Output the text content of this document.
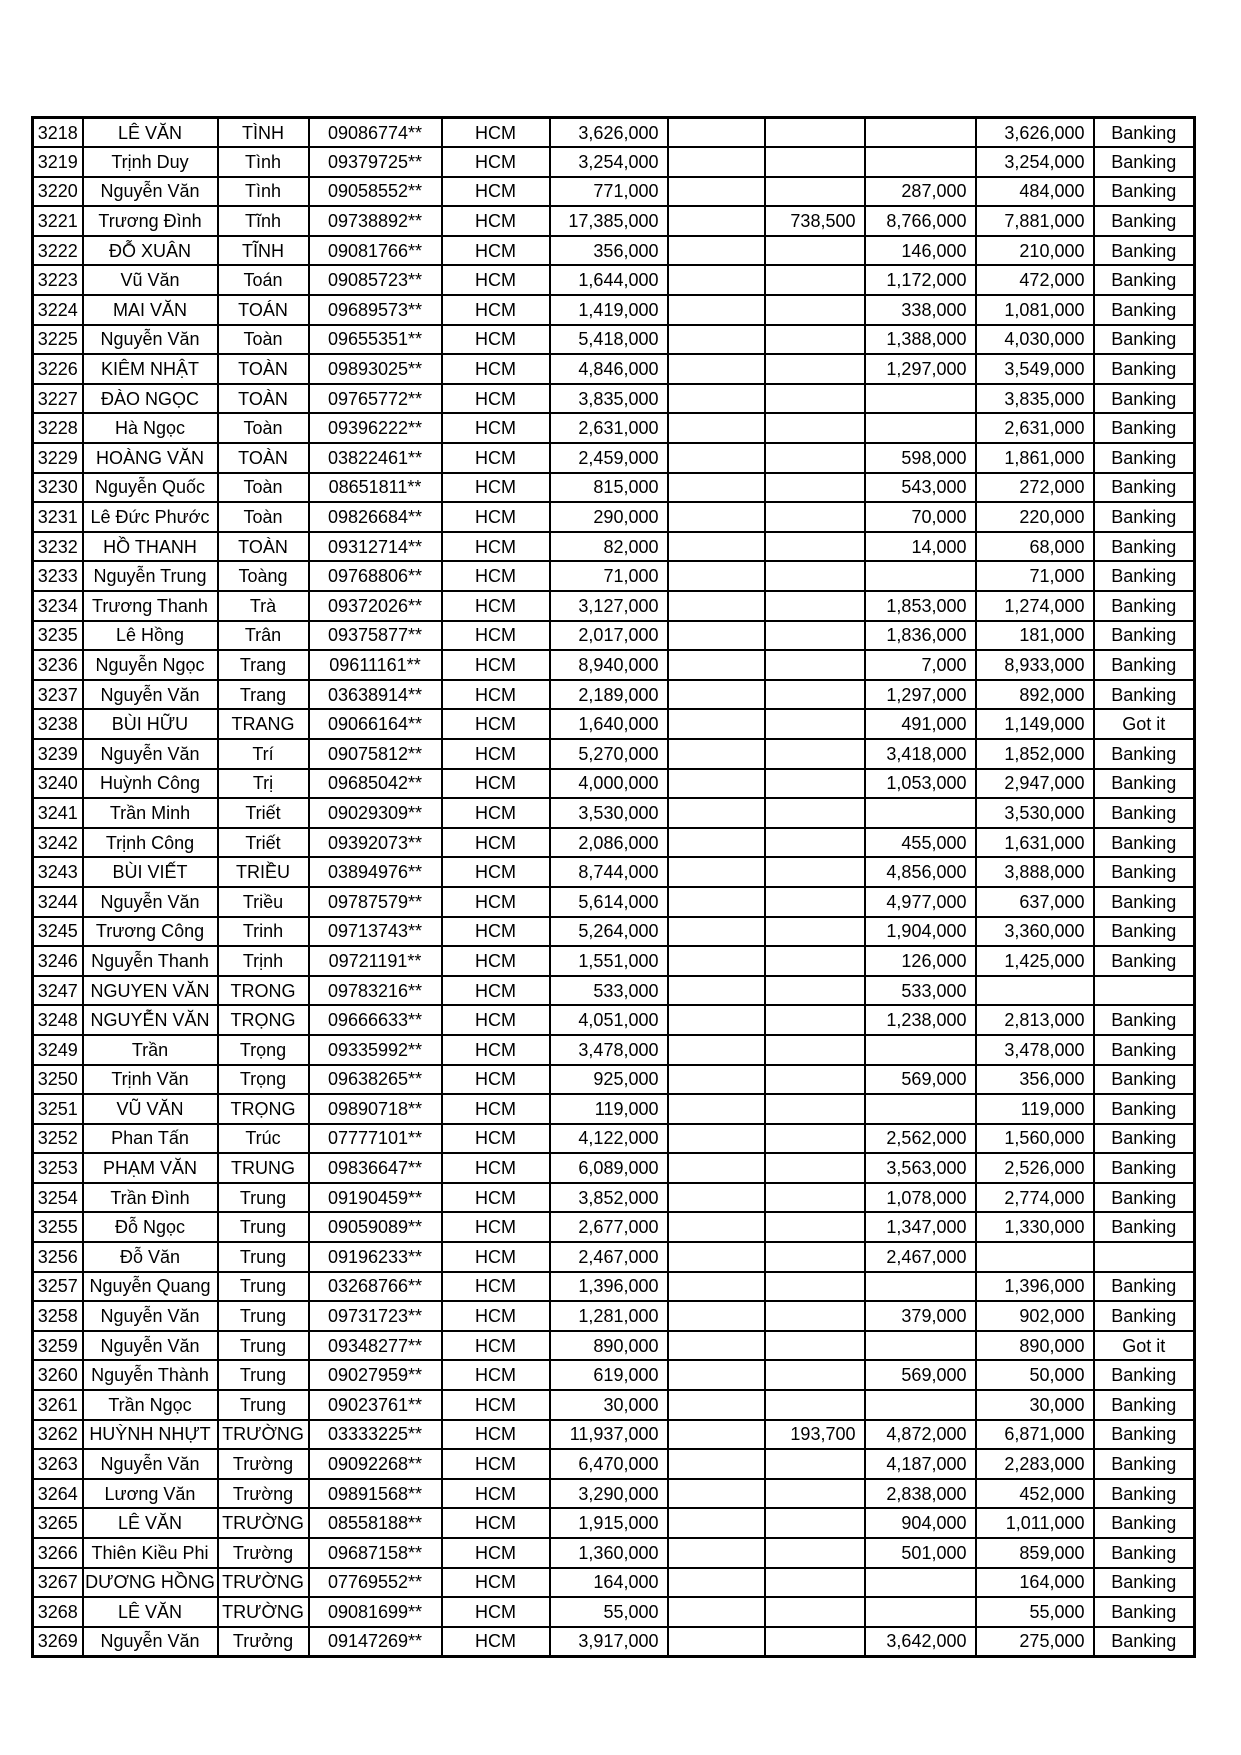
3218	LÊ VĂN	TÌNH	09086774**	HCM	3,626,000				3,626,000	Banking
3219	Trịnh Duy	Tình	09379725**	HCM	3,254,000				3,254,000	Banking
3220	Nguyễn Văn	Tình	09058552**	HCM	771,000			287,000	484,000	Banking
3221	Trương Đình	Tĩnh	09738892**	HCM	17,385,000		738,500	8,766,000	7,881,000	Banking
3222	ĐỖ XUÂN	TĨNH	09081766**	HCM	356,000			146,000	210,000	Banking
3223	Vũ Văn	Toán	09085723**	HCM	1,644,000			1,172,000	472,000	Banking
3224	MAI VĂN	TOÁN	09689573**	HCM	1,419,000			338,000	1,081,000	Banking
3225	Nguyễn Văn	Toàn	09655351**	HCM	5,418,000			1,388,000	4,030,000	Banking
3226	KIÊM NHẬT	TOÀN	09893025**	HCM	4,846,000			1,297,000	3,549,000	Banking
3227	ĐÀO NGỌC	TOÀN	09765772**	HCM	3,835,000				3,835,000	Banking
3228	Hà Ngọc	Toàn	09396222**	HCM	2,631,000				2,631,000	Banking
3229	HOÀNG VĂN	TOÀN	03822461**	HCM	2,459,000			598,000	1,861,000	Banking
3230	Nguyễn Quốc	Toàn	08651811**	HCM	815,000			543,000	272,000	Banking
3231	Lê Đức Phước	Toàn	09826684**	HCM	290,000			70,000	220,000	Banking
3232	HỒ THANH	TOÀN	09312714**	HCM	82,000			14,000	68,000	Banking
3233	Nguyễn Trung	Toàng	09768806**	HCM	71,000				71,000	Banking
3234	Trương Thanh	Trà	09372026**	HCM	3,127,000			1,853,000	1,274,000	Banking
3235	Lê Hồng	Trân	09375877**	HCM	2,017,000			1,836,000	181,000	Banking
3236	Nguyễn Ngọc	Trang	09611161**	HCM	8,940,000			7,000	8,933,000	Banking
3237	Nguyễn Văn	Trang	03638914**	HCM	2,189,000			1,297,000	892,000	Banking
3238	BÙI HỮU	TRANG	09066164**	HCM	1,640,000			491,000	1,149,000	Got it
3239	Nguyễn Văn	Trí	09075812**	HCM	5,270,000			3,418,000	1,852,000	Banking
3240	Huỳnh Công	Trị	09685042**	HCM	4,000,000			1,053,000	2,947,000	Banking
3241	Trần Minh	Triết	09029309**	HCM	3,530,000				3,530,000	Banking
3242	Trịnh Công	Triết	09392073**	HCM	2,086,000			455,000	1,631,000	Banking
3243	BÙI VIẾT	TRIỀU	03894976**	HCM	8,744,000			4,856,000	3,888,000	Banking
3244	Nguyễn Văn	Triều	09787579**	HCM	5,614,000			4,977,000	637,000	Banking
3245	Trương Công	Trinh	09713743**	HCM	5,264,000			1,904,000	3,360,000	Banking
3246	Nguyễn Thanh	Trịnh	09721191**	HCM	1,551,000			126,000	1,425,000	Banking
3247	NGUYEN VĂN	TRONG	09783216**	HCM	533,000			533,000		
3248	NGUYỄN VĂN	TRỌNG	09666633**	HCM	4,051,000			1,238,000	2,813,000	Banking
3249	Trần	Trọng	09335992**	HCM	3,478,000				3,478,000	Banking
3250	Trịnh Văn	Trọng	09638265**	HCM	925,000			569,000	356,000	Banking
3251	VŨ VĂN	TRỌNG	09890718**	HCM	119,000				119,000	Banking
3252	Phan Tấn	Trúc	07777101**	HCM	4,122,000			2,562,000	1,560,000	Banking
3253	PHẠM VĂN	TRUNG	09836647**	HCM	6,089,000			3,563,000	2,526,000	Banking
3254	Trần Đình	Trung	09190459**	HCM	3,852,000			1,078,000	2,774,000	Banking
3255	Đỗ Ngọc	Trung	09059089**	HCM	2,677,000			1,347,000	1,330,000	Banking
3256	Đỗ Văn	Trung	09196233**	HCM	2,467,000			2,467,000		
3257	Nguyễn Quang	Trung	03268766**	HCM	1,396,000				1,396,000	Banking
3258	Nguyễn Văn	Trung	09731723**	HCM	1,281,000			379,000	902,000	Banking
3259	Nguyễn Văn	Trung	09348277**	HCM	890,000				890,000	Got it
3260	Nguyễn Thành	Trung	09027959**	HCM	619,000			569,000	50,000	Banking
3261	Trần Ngọc	Trung	09023761**	HCM	30,000				30,000	Banking
3262	HUỲNH NHỰT	TRƯỜNG	03333225**	HCM	11,937,000		193,700	4,872,000	6,871,000	Banking
3263	Nguyễn Văn	Trường	09092268**	HCM	6,470,000			4,187,000	2,283,000	Banking
3264	Lương Văn	Trường	09891568**	HCM	3,290,000			2,838,000	452,000	Banking
3265	LÊ VĂN	TRƯỜNG	08558188**	HCM	1,915,000			904,000	1,011,000	Banking
3266	Thiên Kiều Phi	Trường	09687158**	HCM	1,360,000			501,000	859,000	Banking
3267	DƯƠNG HỒNG	TRƯỜNG	07769552**	HCM	164,000				164,000	Banking
3268	LÊ VĂN	TRƯỜNG	09081699**	HCM	55,000				55,000	Banking
3269	Nguyễn Văn	Trưởng	09147269**	HCM	3,917,000			3,642,000	275,000	Banking
